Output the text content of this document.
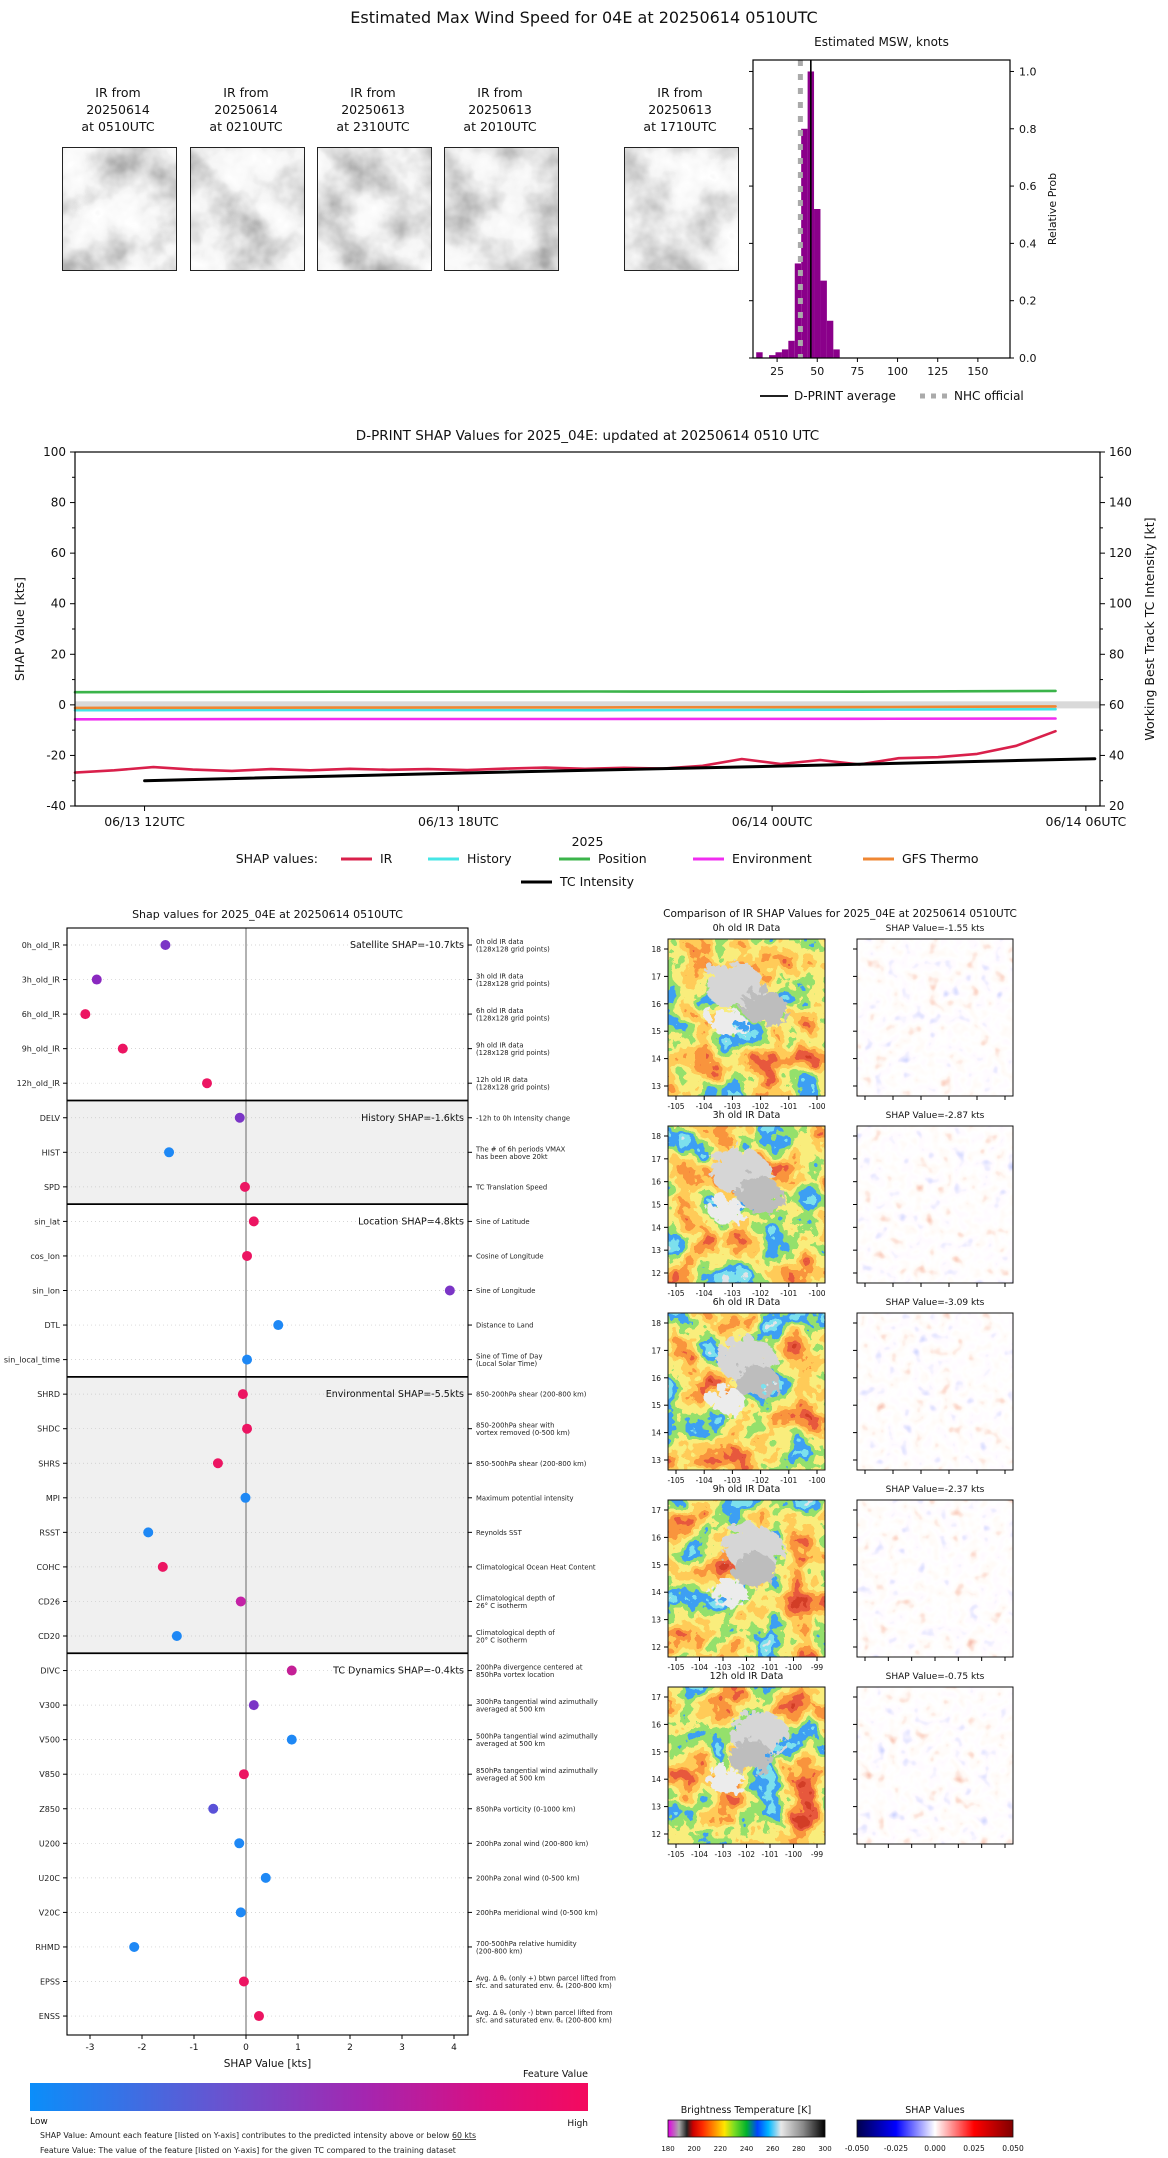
Estimated Max Wind Speed for 04E at 20250614 0510UTC
IR from
20250614
at 0510UTC
IR from
20250614
at 0210UTC
IR from
20250613
at 2310UTC
IR from
20250613
at 2010UTC
IR from
20250613
at 1710UTC
Estimated MSW, knots
25 50 75 100 125 150
0.0
0.2
0.4
0.6
0.8
1.0
Relative Prob
D-PRINT average	NHC official
D-PRINT SHAP Values for 2025_04E: updated at 20250614 0510 UTC
100
80
60
40
20
0
-20
-40
160
140
120
100
80
60
40
20
SHAP Value [kts]	Working Best Track TC Intensity [kt]
06/13 12UTC	06/13 18UTC	06/14 00UTC	06/14 06UTC
2025
SHAP values:	IR	History	Position	Environment	GFS Thermo
TC Intensity
Shap values for 2025_04E at 20250614 0510UTC
0h_old_IR	0h old IR data
(128x128 grid points)
3h_old_IR	3h old IR data
(128x128 grid points)
6h_old_IR	6h old IR data
(128x128 grid points)
9h_old_IR	9h old IR data
(128x128 grid points)
12h_old_IR	12h old IR data
(128x128 grid points)
DELV	-12h to 0h Intensity change
HIST	The # of 6h periods VMAX
has been above 20kt
SPD	TC Translation Speed
sin_lat	Sine of Latitude
cos_lon	Cosine of Longitude
sin_lon	Sine of Longitude
DTL	Distance to Land
sin_local_time	Sine of Time of Day
(Local Solar Time)
SHRD	850-200hPa shear (200-800 km)
SHDC	850-200hPa shear with
vortex removed (0-500 km)
SHRS	850-500hPa shear (200-800 km)
MPI	Maximum potential intensity
RSST	Reynolds SST
COHC	Climatological Ocean Heat Content
CD26	Climatological depth of
26° C isotherm
CD20	Climatological depth of
20° C isotherm
DIVC	200hPa divergence centered at
850hPa vortex location
V300	300hPa tangential wind azimuthally
averaged at 500 km
V500	500hPa tangential wind azimuthally
averaged at 500 km
V850	850hPa tangential wind azimuthally
averaged at 500 km
Z850	850hPa vorticity (0-1000 km)
U200	200hPa zonal wind (200-800 km)
U20C	200hPa zonal wind (0-500 km)
V20C	200hPa meridional wind (0-500 km)
RHMD	700-500hPa relative humidity
(200-800 km)
EPSS	Avg. Δ θₑ (only +) btwn parcel lifted from
sfc. and saturated env. θₑ (200-800 km)
ENSS	Avg. Δ θₑ (only -) btwn parcel lifted from
sfc. and saturated env. θₑ (200-800 km)
Satellite SHAP=-10.7kts
History SHAP=-1.6kts
Location SHAP=4.8kts
Environmental SHAP=-5.5kts
TC Dynamics SHAP=-0.4kts
-3	-2	-1	0	1	2	3	4
SHAP Value [kts]
Feature Value
Low	High
SHAP Value: Amount each feature [listed on Y-axis] contributes to the predicted intensity above or below 60 kts
Feature Value: The value of the feature [listed on Y-axis] for the given TC compared to the training dataset
Comparison of IR SHAP Values for 2025_04E at 20250614 0510UTC
0h old IR Data	SHAP Value=-1.55 kts
18
17
16
15
14
13
-105 -104 -103 -102 -101 -100
3h old IR Data	SHAP Value=-2.87 kts
18
17
16
15
14
13
12
-105 -104 -103 -102 -101 -100
6h old IR Data	SHAP Value=-3.09 kts
18
17
16
15
14
13
-105 -104 -103 -102 -101 -100
9h old IR Data	SHAP Value=-2.37 kts
17
16
15
14
13
12
-105 -104 -103 -102 -101 -100 -99
12h old IR Data	SHAP Value=-0.75 kts
17
16
15
14
13
12
-105 -104 -103 -102 -101 -100 -99
Brightness Temperature [K]
180 200 220 240 260 280 300
SHAP Values
-0.050 -0.025 0.000 0.025 0.050
